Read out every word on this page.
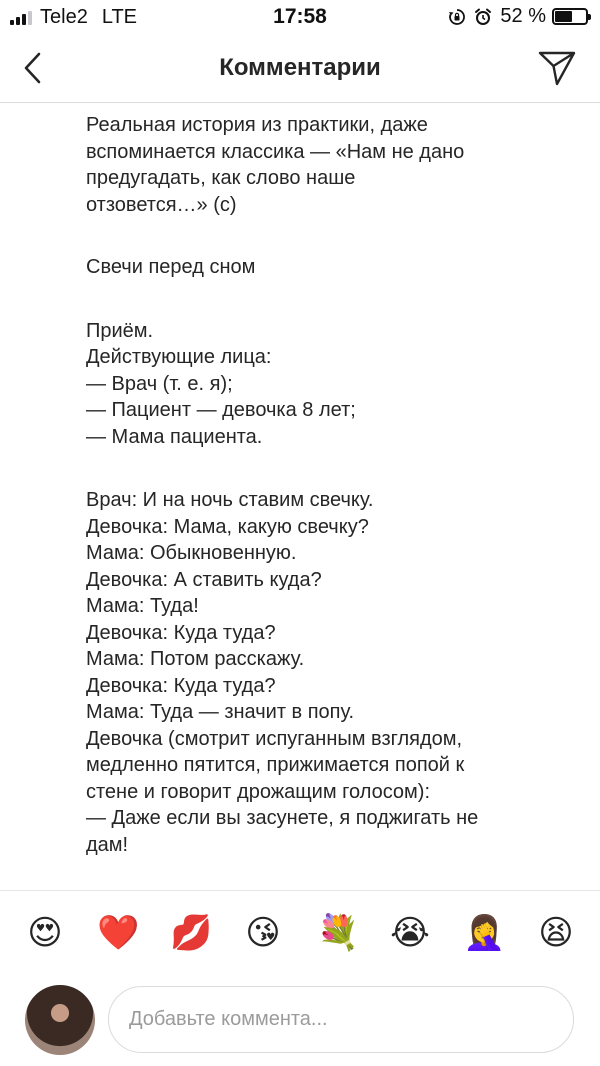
Tele2 LTE	17:58	52 %
Комментарии
Реальная история из практики, даже
вспоминается классика — «Нам не дано
предугадать, как слово наше
отзовется…» (с)
Свечи перед сном
Приём.
Действующие лица:
— Врач (т. е. я);
— Пациент — девочка 8 лет;
— Мама пациента.
Врач: И на ночь ставим свечку.
Девочка: Мама, какую свечку?
Мама: Обыкновенную.
Девочка: А ставить куда?
Мама: Туда!
Девочка: Куда туда?
Мама: Потом расскажу.
Девочка: Куда туда?
Мама: Туда — значит в попу.
Девочка (смотрит испуганным взглядом,
медленно пятится, прижимается попой к
стене и говорит дрожащим голосом):
— Даже если вы засунете, я поджигать не
дам!
😍 ❤️ 💋 😘 💐 😭 🤦‍♀️ 😫
Добавьте коммента...
